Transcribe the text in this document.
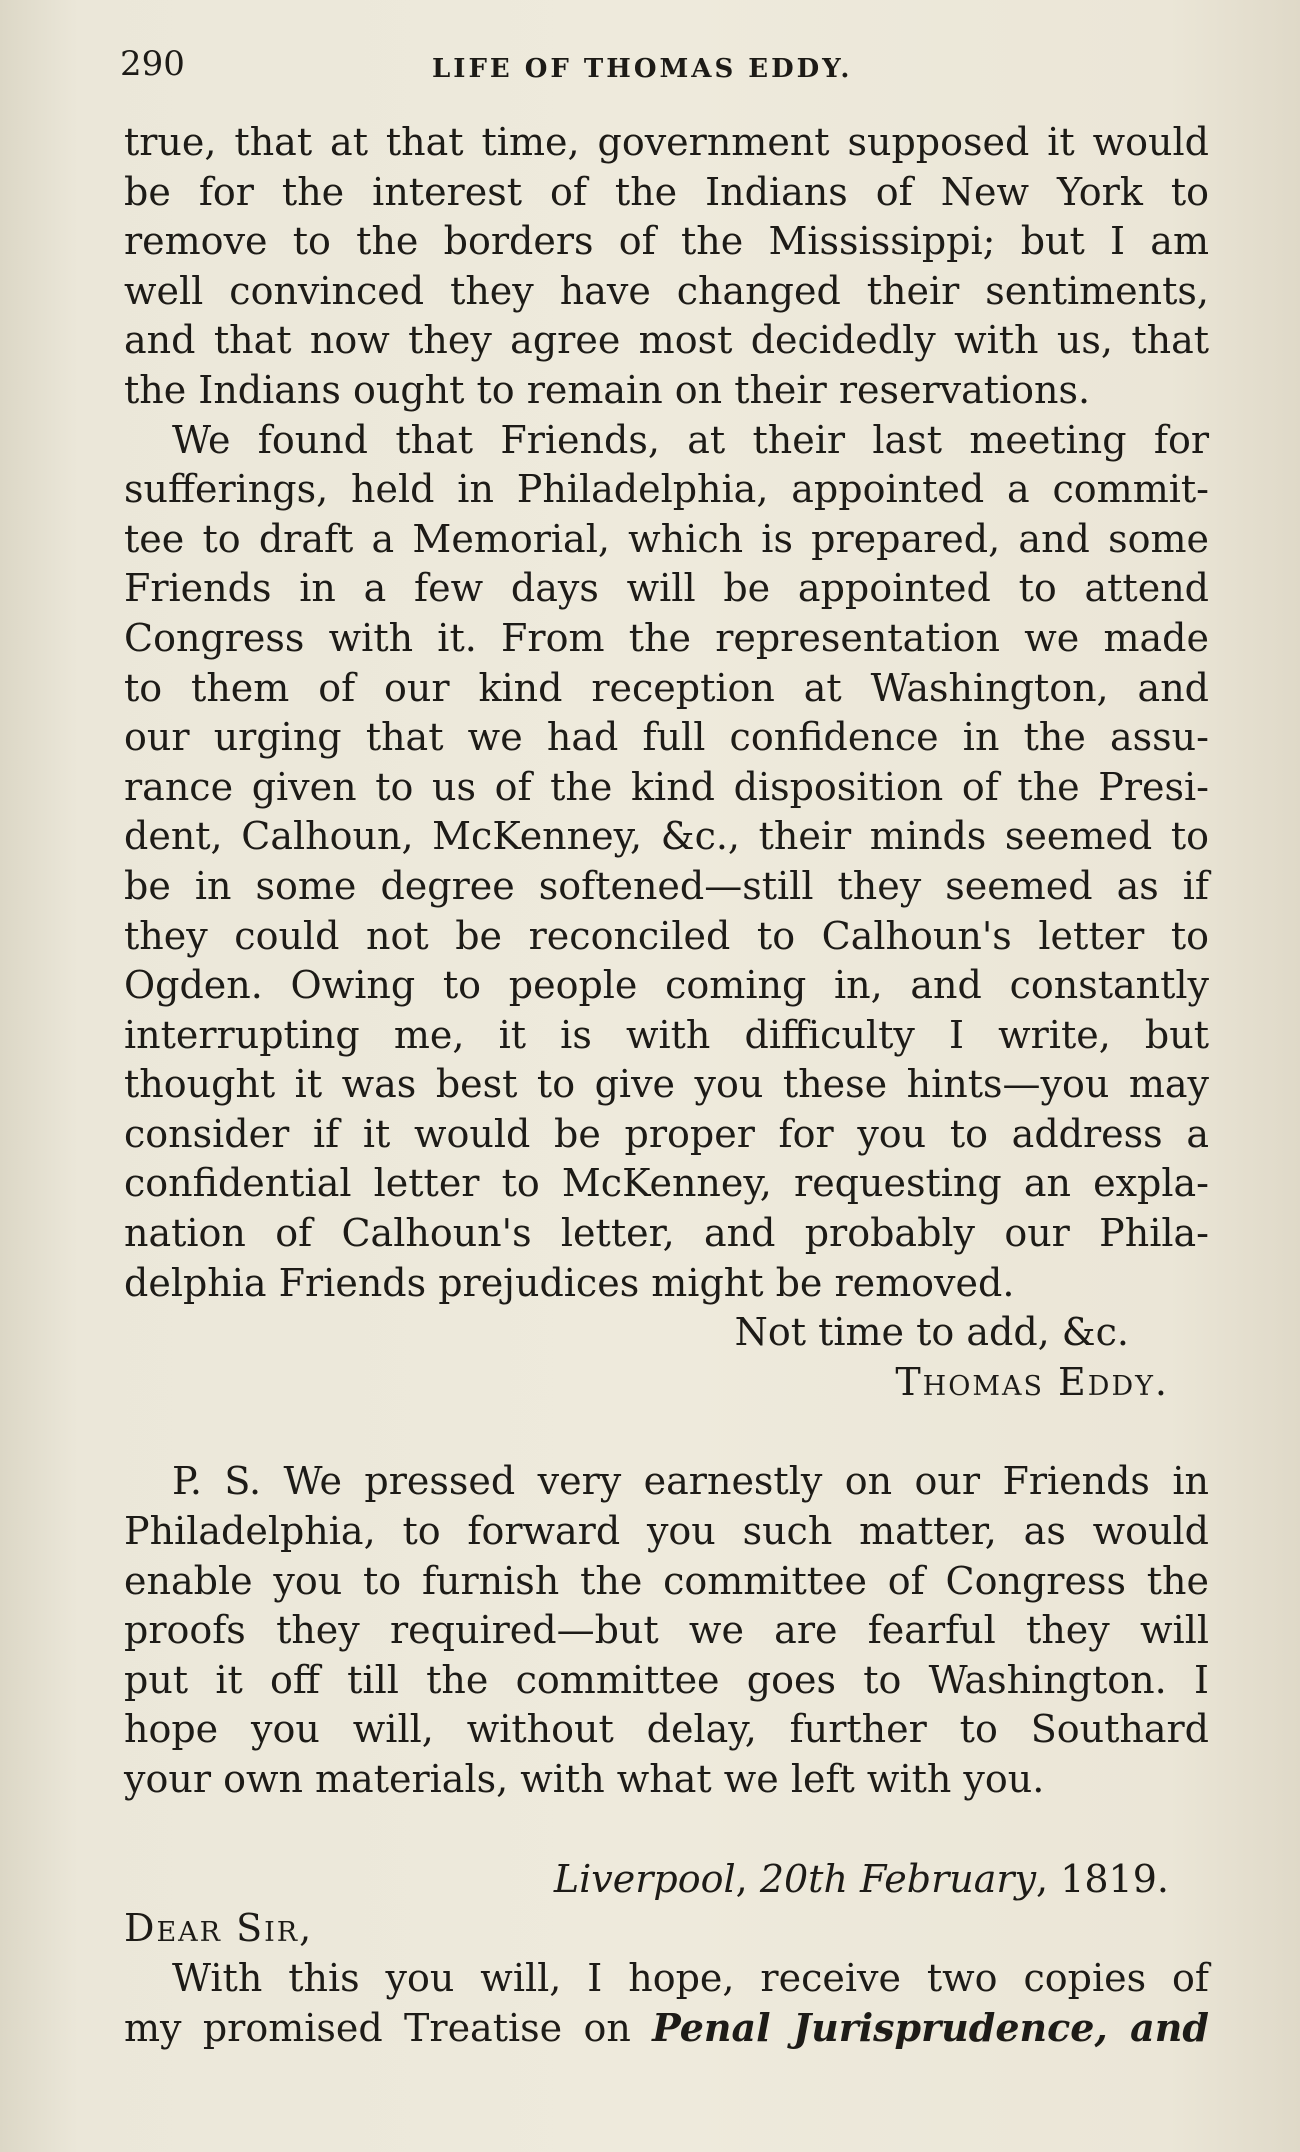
290	LIFE OF THOMAS EDDY.
true, that at that time, government supposed it would
be for the interest of the Indians of New York to
remove to the borders of the Mississippi; but I am
well convinced they have changed their sentiments,
and that now they agree most decidedly with us, that
the Indians ought to remain on their reservations.
We found that Friends, at their last meeting for
sufferings, held in Philadelphia, appointed a commit-
tee to draft a Memorial, which is prepared, and some
Friends in a few days will be appointed to attend
Congress with it. From the representation we made
to them of our kind reception at Washington, and
our urging that we had full confidence in the assu-
rance given to us of the kind disposition of the Presi-
dent, Calhoun, McKenney, &c., their minds seemed to
be in some degree softened—still they seemed as if
they could not be reconciled to Calhoun's letter to
Ogden. Owing to people coming in, and constantly
interrupting me, it is with difficulty I write, but
thought it was best to give you these hints—you may
consider if it would be proper for you to address a
confidential letter to McKenney, requesting an expla-
nation of Calhoun's letter, and probably our Phila-
delphia Friends prejudices might be removed.
Not time to add, &c.
Thomas Eddy.
P. S. We pressed very earnestly on our Friends in
Philadelphia, to forward you such matter, as would
enable you to furnish the committee of Congress the
proofs they required—but we are fearful they will
put it off till the committee goes to Washington. I
hope you will, without delay, further to Southard
your own materials, with what we left with you.
Liverpool, 20th February, 1819.
Dear Sir,
With this you will, I hope, receive two copies of
my promised Treatise on Penal Jurisprudence, and
